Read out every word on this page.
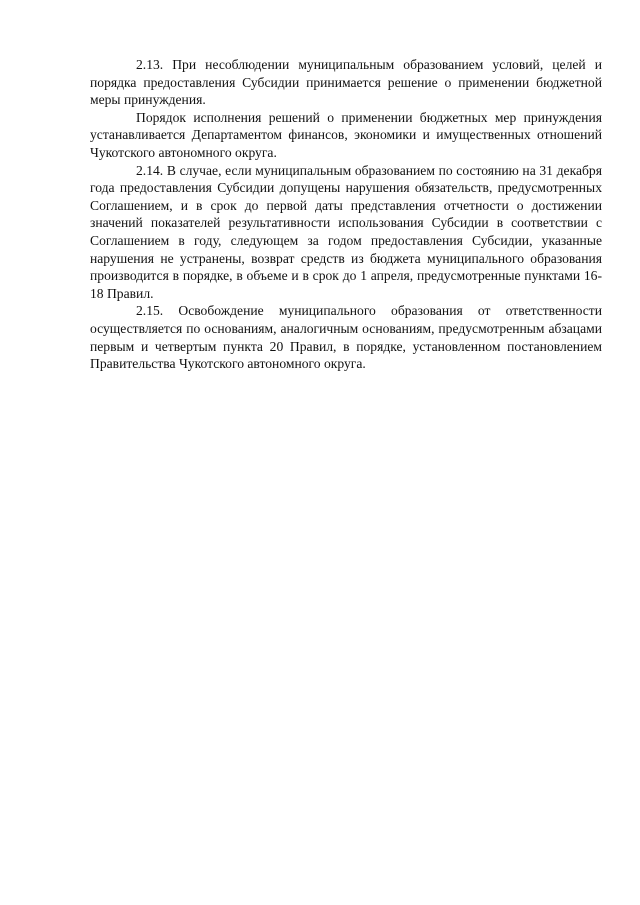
2.13. При несоблюдении муниципальным образованием условий, целей и порядка предоставления Субсидии принимается решение о применении бюджетной меры принуждения.

Порядок исполнения решений о применении бюджетных мер принуждения устанавливается Департаментом финансов, экономики и имущественных отношений Чукотского автономного округа.

2.14. В случае, если муниципальным образованием по состоянию на 31 декабря года предоставления Субсидии допущены нарушения обязательств, предусмотренных Соглашением, и в срок до первой даты представления отчетности о достижении значений показателей результативности использования Субсидии в соответствии с Соглашением в году, следующем за годом предоставления Субсидии, указанные нарушения не устранены, возврат средств из бюджета муниципального образования производится в порядке, в объеме и в срок до 1 апреля, предусмотренные пунктами 16-18 Правил.

2.15. Освобождение муниципального образования от ответственности осуществляется по основаниям, аналогичным основаниям, предусмотренным абзацами первым и четвертым пункта 20 Правил, в порядке, установленном постановлением Правительства Чукотского автономного округа.
